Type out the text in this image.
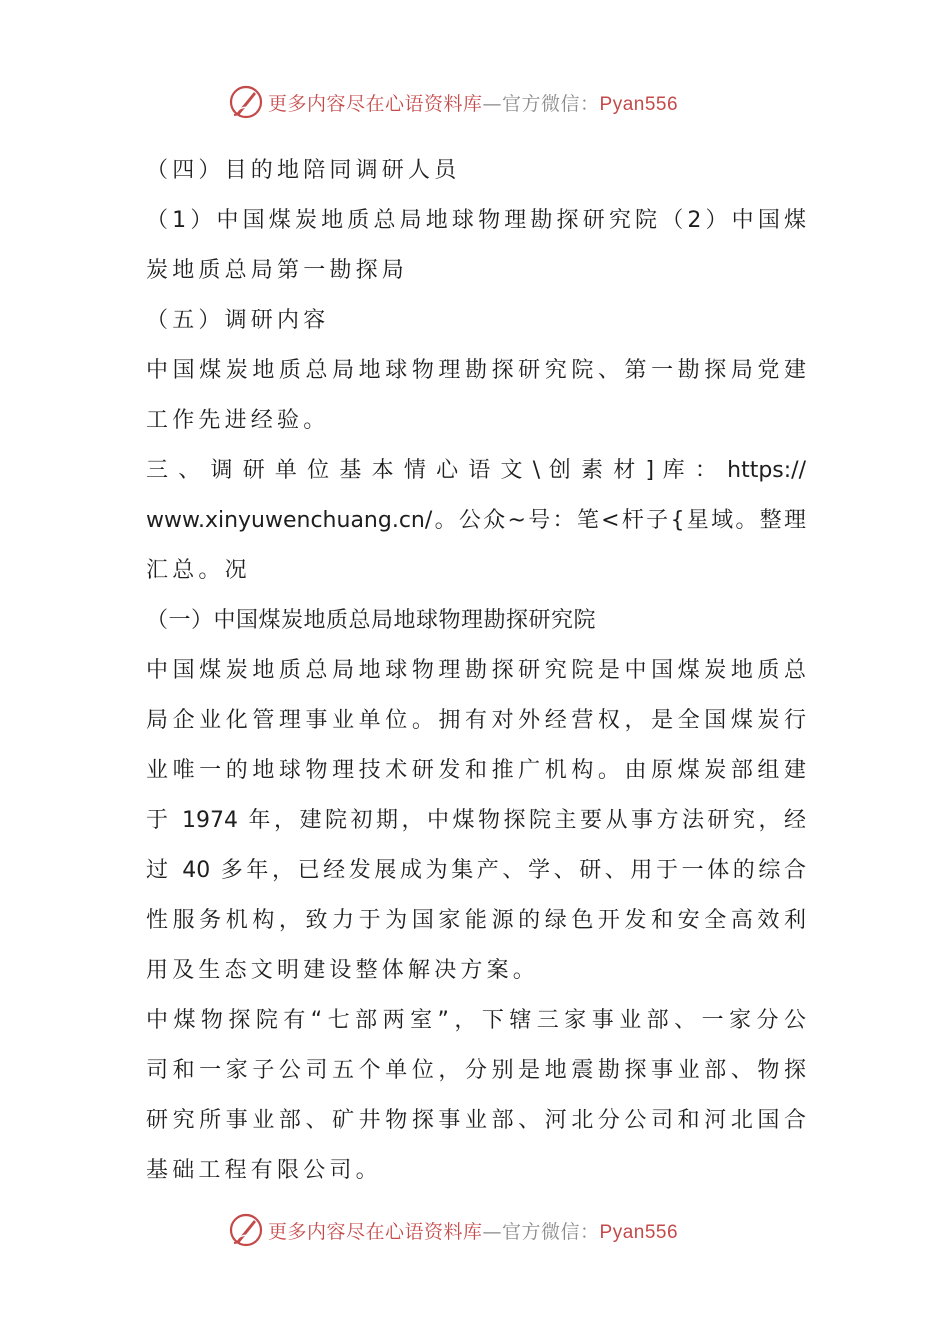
更多内容尽在心语资料库—官方微信：Pyan556
（四）目的地陪同调研人员
（1）中国煤炭地质总局地球物理勘探研究院（2）中国煤
炭地质总局第一勘探局
（五）调研内容
中国煤炭地质总局地球物理勘探研究院、第一勘探局党建
工作先进经验。
三 、 调 研 单 位 基 本 情 心 语 文 \ 创 素 材 ] 库 ： https://
www.xinyuwenchuang.cn/。公众~号：笔<杆子{星域。整理
汇总。况
（一）中国煤炭地质总局地球物理勘探研究院
中国煤炭地质总局地球物理勘探研究院是中国煤炭地质总
局企业化管理事业单位。拥有对外经营权，是全国煤炭行
业唯一的地球物理技术研发和推广机构。由原煤炭部组建
于 1974 年，建院初期，中煤物探院主要从事方法研究，经
过 40 多年，已经发展成为集产、学、研、用于一体的综合
性服务机构，致力于为国家能源的绿色开发和安全高效利
用及生态文明建设整体解决方案。
中煤物探院有“七部两室”，下辖三家事业部、一家分公
司和一家子公司五个单位，分别是地震勘探事业部、物探
研究所事业部、矿井物探事业部、河北分公司和河北国合
基础工程有限公司。
更多内容尽在心语资料库—官方微信：Pyan556
